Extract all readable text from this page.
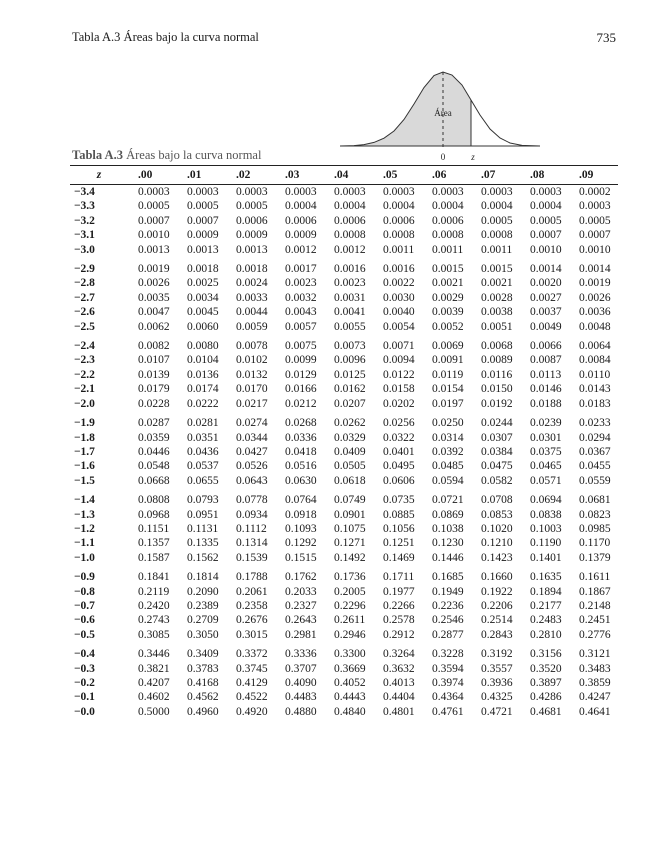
Tabla A.3 Áreas bajo la curva normal	735
Área
0	z
Tabla A.3 Áreas bajo la curva normal
z	.00	.01	.02	.03	.04	.05	.06	.07	.08	.09
−3.4	0.0003	0.0003	0.0003	0.0003	0.0003	0.0003	0.0003	0.0003	0.0003	0.0002
−3.3	0.0005	0.0005	0.0005	0.0004	0.0004	0.0004	0.0004	0.0004	0.0004	0.0003
−3.2	0.0007	0.0007	0.0006	0.0006	0.0006	0.0006	0.0006	0.0005	0.0005	0.0005
−3.1	0.0010	0.0009	0.0009	0.0009	0.0008	0.0008	0.0008	0.0008	0.0007	0.0007
−3.0	0.0013	0.0013	0.0013	0.0012	0.0012	0.0011	0.0011	0.0011	0.0010	0.0010
−2.9	0.0019	0.0018	0.0018	0.0017	0.0016	0.0016	0.0015	0.0015	0.0014	0.0014
−2.8	0.0026	0.0025	0.0024	0.0023	0.0023	0.0022	0.0021	0.0021	0.0020	0.0019
−2.7	0.0035	0.0034	0.0033	0.0032	0.0031	0.0030	0.0029	0.0028	0.0027	0.0026
−2.6	0.0047	0.0045	0.0044	0.0043	0.0041	0.0040	0.0039	0.0038	0.0037	0.0036
−2.5	0.0062	0.0060	0.0059	0.0057	0.0055	0.0054	0.0052	0.0051	0.0049	0.0048
−2.4	0.0082	0.0080	0.0078	0.0075	0.0073	0.0071	0.0069	0.0068	0.0066	0.0064
−2.3	0.0107	0.0104	0.0102	0.0099	0.0096	0.0094	0.0091	0.0089	0.0087	0.0084
−2.2	0.0139	0.0136	0.0132	0.0129	0.0125	0.0122	0.0119	0.0116	0.0113	0.0110
−2.1	0.0179	0.0174	0.0170	0.0166	0.0162	0.0158	0.0154	0.0150	0.0146	0.0143
−2.0	0.0228	0.0222	0.0217	0.0212	0.0207	0.0202	0.0197	0.0192	0.0188	0.0183
−1.9	0.0287	0.0281	0.0274	0.0268	0.0262	0.0256	0.0250	0.0244	0.0239	0.0233
−1.8	0.0359	0.0351	0.0344	0.0336	0.0329	0.0322	0.0314	0.0307	0.0301	0.0294
−1.7	0.0446	0.0436	0.0427	0.0418	0.0409	0.0401	0.0392	0.0384	0.0375	0.0367
−1.6	0.0548	0.0537	0.0526	0.0516	0.0505	0.0495	0.0485	0.0475	0.0465	0.0455
−1.5	0.0668	0.0655	0.0643	0.0630	0.0618	0.0606	0.0594	0.0582	0.0571	0.0559
−1.4	0.0808	0.0793	0.0778	0.0764	0.0749	0.0735	0.0721	0.0708	0.0694	0.0681
−1.3	0.0968	0.0951	0.0934	0.0918	0.0901	0.0885	0.0869	0.0853	0.0838	0.0823
−1.2	0.1151	0.1131	0.1112	0.1093	0.1075	0.1056	0.1038	0.1020	0.1003	0.0985
−1.1	0.1357	0.1335	0.1314	0.1292	0.1271	0.1251	0.1230	0.1210	0.1190	0.1170
−1.0	0.1587	0.1562	0.1539	0.1515	0.1492	0.1469	0.1446	0.1423	0.1401	0.1379
−0.9	0.1841	0.1814	0.1788	0.1762	0.1736	0.1711	0.1685	0.1660	0.1635	0.1611
−0.8	0.2119	0.2090	0.2061	0.2033	0.2005	0.1977	0.1949	0.1922	0.1894	0.1867
−0.7	0.2420	0.2389	0.2358	0.2327	0.2296	0.2266	0.2236	0.2206	0.2177	0.2148
−0.6	0.2743	0.2709	0.2676	0.2643	0.2611	0.2578	0.2546	0.2514	0.2483	0.2451
−0.5	0.3085	0.3050	0.3015	0.2981	0.2946	0.2912	0.2877	0.2843	0.2810	0.2776
−0.4	0.3446	0.3409	0.3372	0.3336	0.3300	0.3264	0.3228	0.3192	0.3156	0.3121
−0.3	0.3821	0.3783	0.3745	0.3707	0.3669	0.3632	0.3594	0.3557	0.3520	0.3483
−0.2	0.4207	0.4168	0.4129	0.4090	0.4052	0.4013	0.3974	0.3936	0.3897	0.3859
−0.1	0.4602	0.4562	0.4522	0.4483	0.4443	0.4404	0.4364	0.4325	0.4286	0.4247
−0.0	0.5000	0.4960	0.4920	0.4880	0.4840	0.4801	0.4761	0.4721	0.4681	0.4641
